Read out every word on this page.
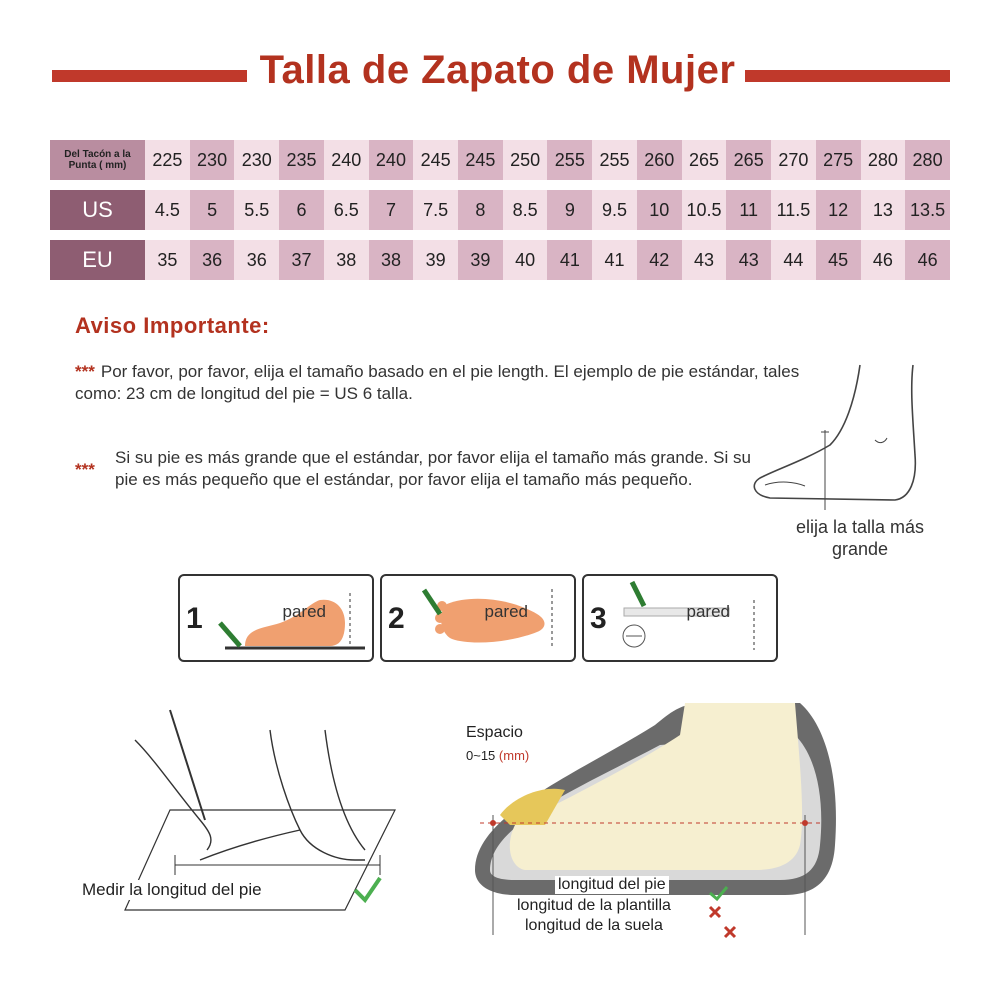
Talla de Zapato de Mujer
Del Tacón a la Punta ( mm)	225 230 230 235 240 240 245 245 250 255 255 260 265 265 270 275 280 280
US	4.5	5	5.5	6	6.5	7	7.5	8	8.5	9	9.5	10 10.5 11	11.5 12	13 13.5
EU	35	36	36	37	38	38	39	39	40	41	41	42	43	43	44	45	46	46
Aviso Importante:
*** Por favor, por favor, elija el tamaño basado en el pie length. El ejemplo de pie estándar, tales como: 23 cm de longitud del pie = US 6 talla.
***
Si su pie es más grande que el estándar, por favor elija el tamaño más grande. Si su pie es más pequeño que el estándar, por favor elija el tamaño más pequeño.
elija la talla más grande
1	pared 2	pared 3	pared
Medir la longitud del pie
Espacio
0~15 (mm)
longitud del pie
longitud de la plantilla
longitud de la suela
